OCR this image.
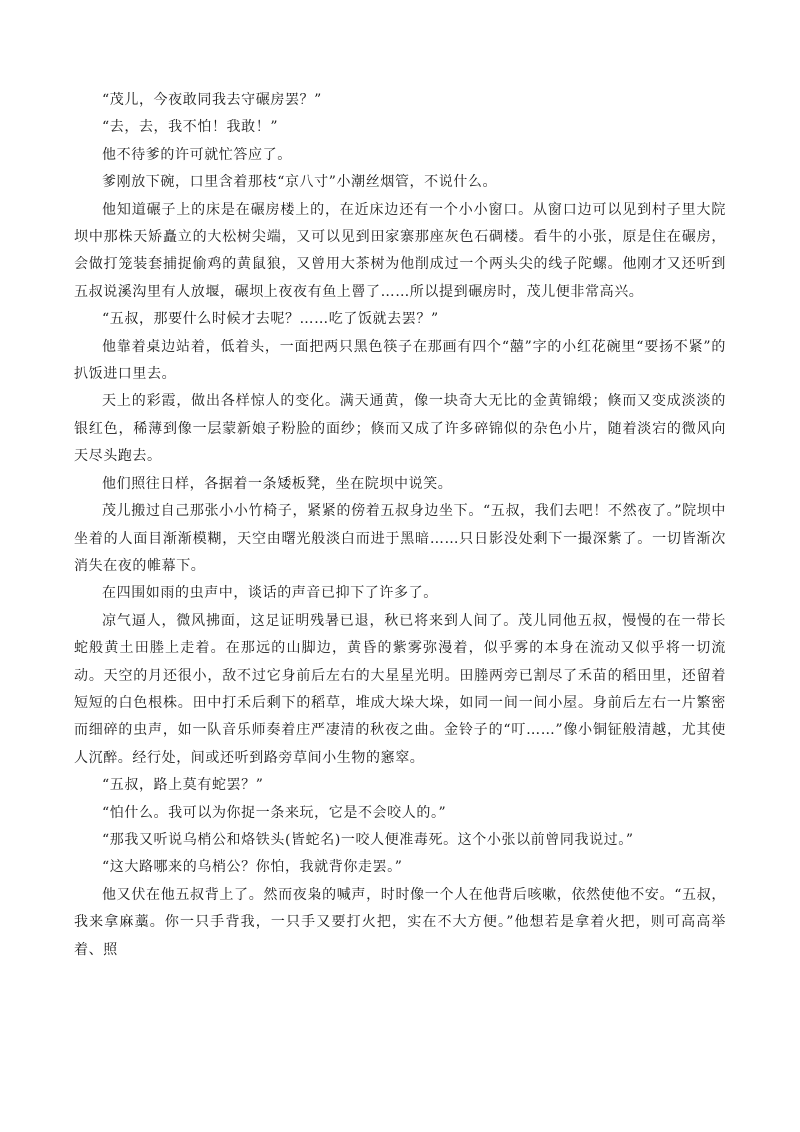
“茂儿，今夜敢同我去守碾房罢？”

“去，去，我不怕！我敢！”

他不待爹的许可就忙答应了。

爹刚放下碗，口里含着那枝“京八寸”小潮丝烟管，不说什么。

他知道碾子上的床是在碾房楼上的，在近床边还有一个小小窗口。从窗口边可以见到村子里大院坝中那株天矫矗立的大松树尖端，又可以见到田家寨那座灰色石碉楼。看牛的小张，原是住在碾房，会做打笼装套捕捉偷鸡的黄鼠狼，又曾用大茶树为他削成过一个两头尖的线子陀螺。他刚才又还听到五叔说溪沟里有人放堰，碾坝上夜夜有鱼上罾了……所以提到碾房时，茂儿便非常高兴。

“五叔，那要什么时候才去呢？……吃了饭就去罢？”

他靠着桌边站着，低着头，一面把两只黑色筷子在那画有四个“囍”字的小红花碗里“要扬不紧”的扒饭进口里去。

天上的彩霞，做出各样惊人的变化。满天通黄，像一块奇大无比的金黄锦缎；倏而又变成淡淡的银红色，稀薄到像一层蒙新娘子粉脸的面纱；倏而又成了许多碎锦似的杂色小片，随着淡宕的微风向天尽头跑去。

他们照往日样，各据着一条矮板凳，坐在院坝中说笑。

茂儿搬过自己那张小小竹椅子，紧紧的傍着五叔身边坐下。“五叔，我们去吧！不然夜了。”院坝中坐着的人面目渐渐模糊，天空由曙光般淡白而进于黑暗……只日影没处剩下一撮深紫了。一切皆渐次消失在夜的帷幕下。

在四围如雨的虫声中，谈话的声音已抑下了许多了。

凉气逼人，微风拂面，这足证明残暑已退，秋已将来到人间了。茂儿同他五叔，慢慢的在一带长蛇般黄土田塍上走着。在那远的山脚边，黄昏的紫雾弥漫着，似乎雾的本身在流动又似乎将一切流动。天空的月还很小，敌不过它身前后左右的大星星光明。田塍两旁已割尽了禾苗的稻田里，还留着短短的白色根株。田中打禾后剩下的稻草，堆成大垛大垛，如同一间一间小屋。身前后左右一片繁密而细碎的虫声，如一队音乐师奏着庄严凄清的秋夜之曲。金铃子的“叮……”像小铜钲般清越，尤其使人沉醉。经行处，间或还听到路旁草间小生物的窸窣。

“五叔，路上莫有蛇罢？”

“怕什么。我可以为你捉一条来玩，它是不会咬人的。”

“那我又听说乌梢公和烙铁头(皆蛇名)一咬人便准毒死。这个小张以前曾同我说过。”

“这大路哪来的乌梢公？你怕，我就背你走罢。”

他又伏在他五叔背上了。然而夜枭的喊声，时时像一个人在他背后咳嗽，依然使他不安。“五叔，我来拿麻藁。你一只手背我，一只手又要打火把，实在不大方便。”他想若是拿着火把，则可高高举着、照
